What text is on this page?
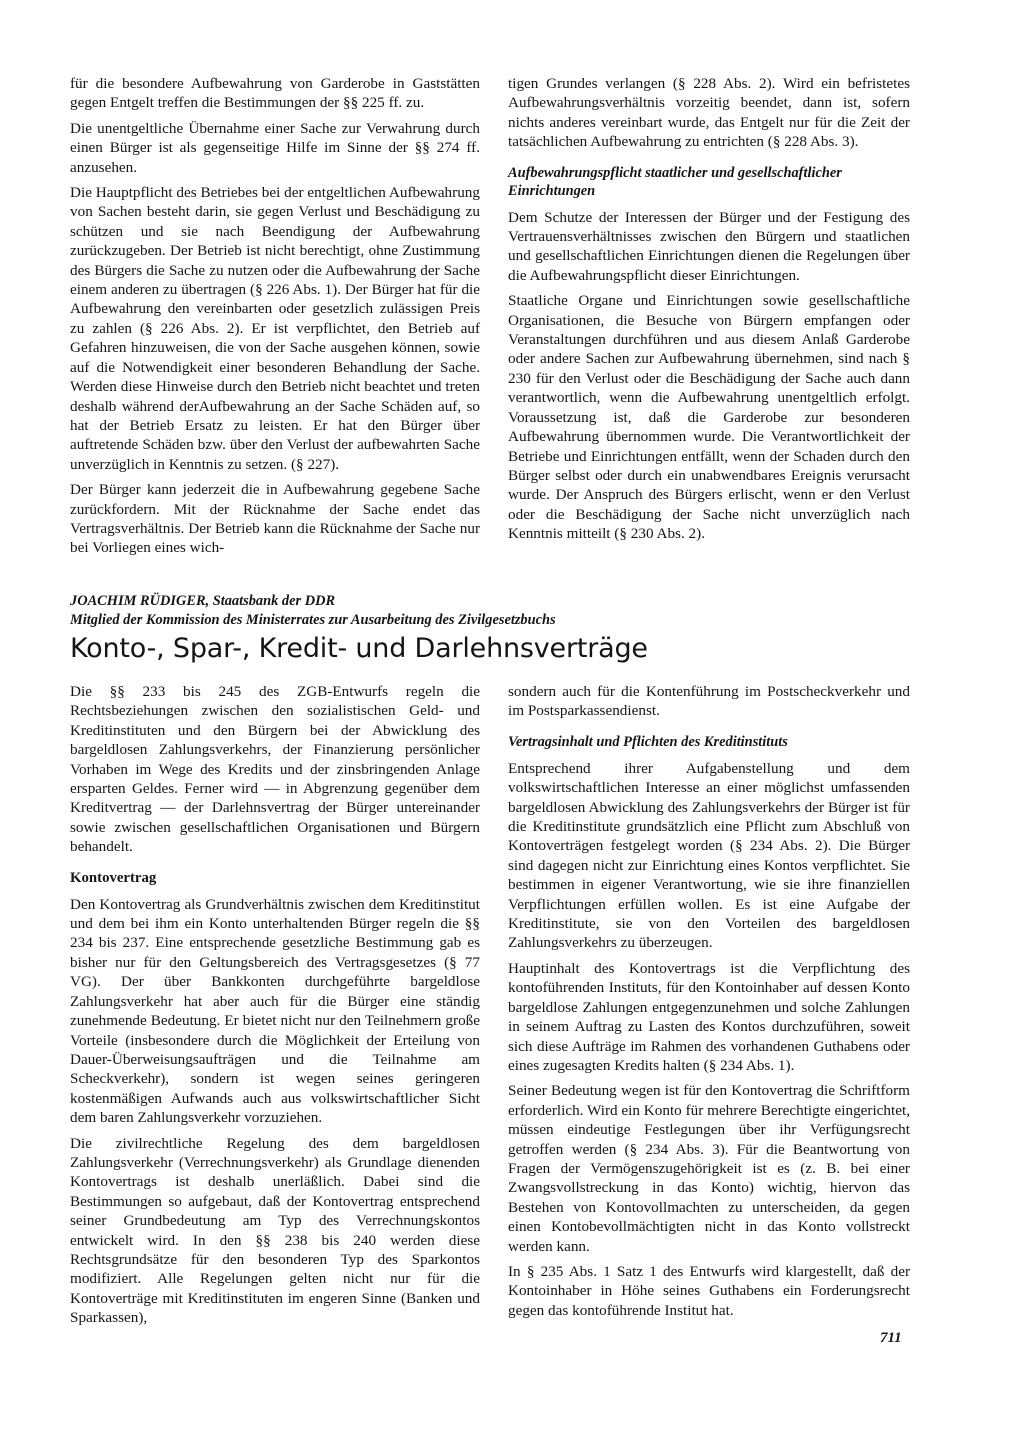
für die besondere Aufbewahrung von Garderobe in Gaststätten gegen Entgelt treffen die Bestimmungen der §§ 225 ff. zu.

Die unentgeltliche Übernahme einer Sache zur Verwahrung durch einen Bürger ist als gegenseitige Hilfe im Sinne der §§ 274 ff. anzusehen.

Die Hauptpflicht des Betriebes bei der entgeltlichen Aufbewahrung von Sachen besteht darin, sie gegen Verlust und Beschädigung zu schützen und sie nach Beendigung der Aufbewahrung zurückzugeben. Der Betrieb ist nicht berechtigt, ohne Zustimmung des Bürgers die Sache zu nutzen oder die Aufbewahrung der Sache einem anderen zu übertragen (§ 226 Abs. 1). Der Bürger hat für die Aufbewahrung den vereinbarten oder gesetzlich zulässigen Preis zu zahlen (§ 226 Abs. 2). Er ist verpflichtet, den Betrieb auf Gefahren hinzuweisen, die von der Sache ausgehen können, sowie auf die Notwendigkeit einer besonderen Behandlung der Sache. Werden diese Hinweise durch den Betrieb nicht beachtet und treten deshalb während derAufbewahrung an der Sache Schäden auf, so hat der Betrieb Ersatz zu leisten. Er hat den Bürger über auftretende Schäden bzw. über den Verlust der aufbewahrten Sache unverzüglich in Kenntnis zu setzen. (§ 227).

Der Bürger kann jederzeit die in Aufbewahrung gegebene Sache zurückfordern. Mit der Rücknahme der Sache endet das Vertragsverhältnis. Der Betrieb kann die Rücknahme der Sache nur bei Vorliegen eines wich-

tigen Grundes verlangen (§ 228 Abs. 2). Wird ein befristetes Aufbewahrungsverhältnis vorzeitig beendet, dann ist, sofern nichts anderes vereinbart wurde, das Entgelt nur für die Zeit der tatsächlichen Aufbewahrung zu entrichten (§ 228 Abs. 3).

Aufbewahrungspflicht staatlicher und gesellschaftlicher Einrichtungen

Dem Schutze der Interessen der Bürger und der Festigung des Vertrauensverhältnisses zwischen den Bürgern und staatlichen und gesellschaftlichen Einrichtungen dienen die Regelungen über die Aufbewahrungspflicht dieser Einrichtungen.

Staatliche Organe und Einrichtungen sowie gesellschaftliche Organisationen, die Besuche von Bürgern empfangen oder Veranstaltungen durchführen und aus diesem Anlaß Garderobe oder andere Sachen zur Aufbewahrung übernehmen, sind nach § 230 für den Verlust oder die Beschädigung der Sache auch dann verantwortlich, wenn die Aufbewahrung unentgeltlich erfolgt. Voraussetzung ist, daß die Garderobe zur besonderen Aufbewahrung übernommen wurde. Die Verantwortlichkeit der Betriebe und Einrichtungen entfällt, wenn der Schaden durch den Bürger selbst oder durch ein unabwendbares Ereignis verursacht wurde. Der Anspruch des Bürgers erlischt, wenn er den Verlust oder die Beschädigung der Sache nicht unverzüglich nach Kenntnis mitteilt (§ 230 Abs. 2).

JOACHIM RÜDIGER, Staatsbank der DDR
Mitglied der Kommission des Ministerrates zur Ausarbeitung des Zivilgesetzbuchs
Konto-, Spar-, Kredit- und Darlehnsverträge

Die §§ 233 bis 245 des ZGB-Entwurfs regeln die Rechtsbeziehungen zwischen den sozialistischen Geld- und Kreditinstituten und den Bürgern bei der Abwicklung des bargeldlosen Zahlungsverkehrs, der Finanzierung persönlicher Vorhaben im Wege des Kredits und der zinsbringenden Anlage ersparten Geldes. Ferner wird — in Abgrenzung gegenüber dem Kreditvertrag — der Darlehnsvertrag der Bürger untereinander sowie zwischen gesellschaftlichen Organisationen und Bürgern behandelt.

Kontovertrag

Den Kontovertrag als Grundverhältnis zwischen dem Kreditinstitut und dem bei ihm ein Konto unterhaltenden Bürger regeln die §§ 234 bis 237. Eine entsprechende gesetzliche Bestimmung gab es bisher nur für den Geltungsbereich des Vertragsgesetzes (§ 77 VG). Der über Bankkonten durchgeführte bargeldlose Zahlungsverkehr hat aber auch für die Bürger eine ständig zunehmende Bedeutung. Er bietet nicht nur den Teilnehmern große Vorteile (insbesondere durch die Möglichkeit der Erteilung von Dauer-Überweisungsaufträgen und die Teilnahme am Scheckverkehr), sondern ist wegen seines geringeren kostenmäßigen Aufwands auch aus volkswirtschaftlicher Sicht dem baren Zahlungsverkehr vorzuziehen.

Die zivilrechtliche Regelung des dem bargeldlosen Zahlungsverkehr (Verrechnungsverkehr) als Grundlage dienenden Kontovertrags ist deshalb unerläßlich. Dabei sind die Bestimmungen so aufgebaut, daß der Kontovertrag entsprechend seiner Grundbedeutung am Typ des Verrechnungskontos entwickelt wird. In den §§ 238 bis 240 werden diese Rechtsgrundsätze für den besonderen Typ des Sparkontos modifiziert. Alle Regelungen gelten nicht nur für die Kontoverträge mit Kreditinstituten im engeren Sinne (Banken und Sparkassen),

sondern auch für die Kontenführung im Postscheckverkehr und im Postsparkassendienst.

Vertragsinhalt und Pflichten des Kreditinstituts

Entsprechend ihrer Aufgabenstellung und dem volkswirtschaftlichen Interesse an einer möglichst umfassenden bargeldlosen Abwicklung des Zahlungsverkehrs der Bürger ist für die Kreditinstitute grundsätzlich eine Pflicht zum Abschluß von Kontoverträgen festgelegt worden (§ 234 Abs. 2). Die Bürger sind dagegen nicht zur Einrichtung eines Kontos verpflichtet. Sie bestimmen in eigener Verantwortung, wie sie ihre finanziellen Verpflichtungen erfüllen wollen. Es ist eine Aufgabe der Kreditinstitute, sie von den Vorteilen des bargeldlosen Zahlungsverkehrs zu überzeugen.

Hauptinhalt des Kontovertrags ist die Verpflichtung des kontoführenden Instituts, für den Kontoinhaber auf dessen Konto bargeldlose Zahlungen entgegenzunehmen und solche Zahlungen in seinem Auftrag zu Lasten des Kontos durchzuführen, soweit sich diese Aufträge im Rahmen des vorhandenen Guthabens oder eines zugesagten Kredits halten (§ 234 Abs. 1).

Seiner Bedeutung wegen ist für den Kontovertrag die Schriftform erforderlich. Wird ein Konto für mehrere Berechtigte eingerichtet, müssen eindeutige Festlegungen über ihr Verfügungsrecht getroffen werden (§ 234 Abs. 3). Für die Beantwortung von Fragen der Vermögenszugehörigkeit ist es (z. B. bei einer Zwangsvollstreckung in das Konto) wichtig, hiervon das Bestehen von Kontovollmachten zu unterscheiden, da gegen einen Kontobevollmächtigten nicht in das Konto vollstreckt werden kann.

In § 235 Abs. 1 Satz 1 des Entwurfs wird klargestellt, daß der Kontoinhaber in Höhe seines Guthabens ein Forderungsrecht gegen das kontoführende Institut hat.

711
